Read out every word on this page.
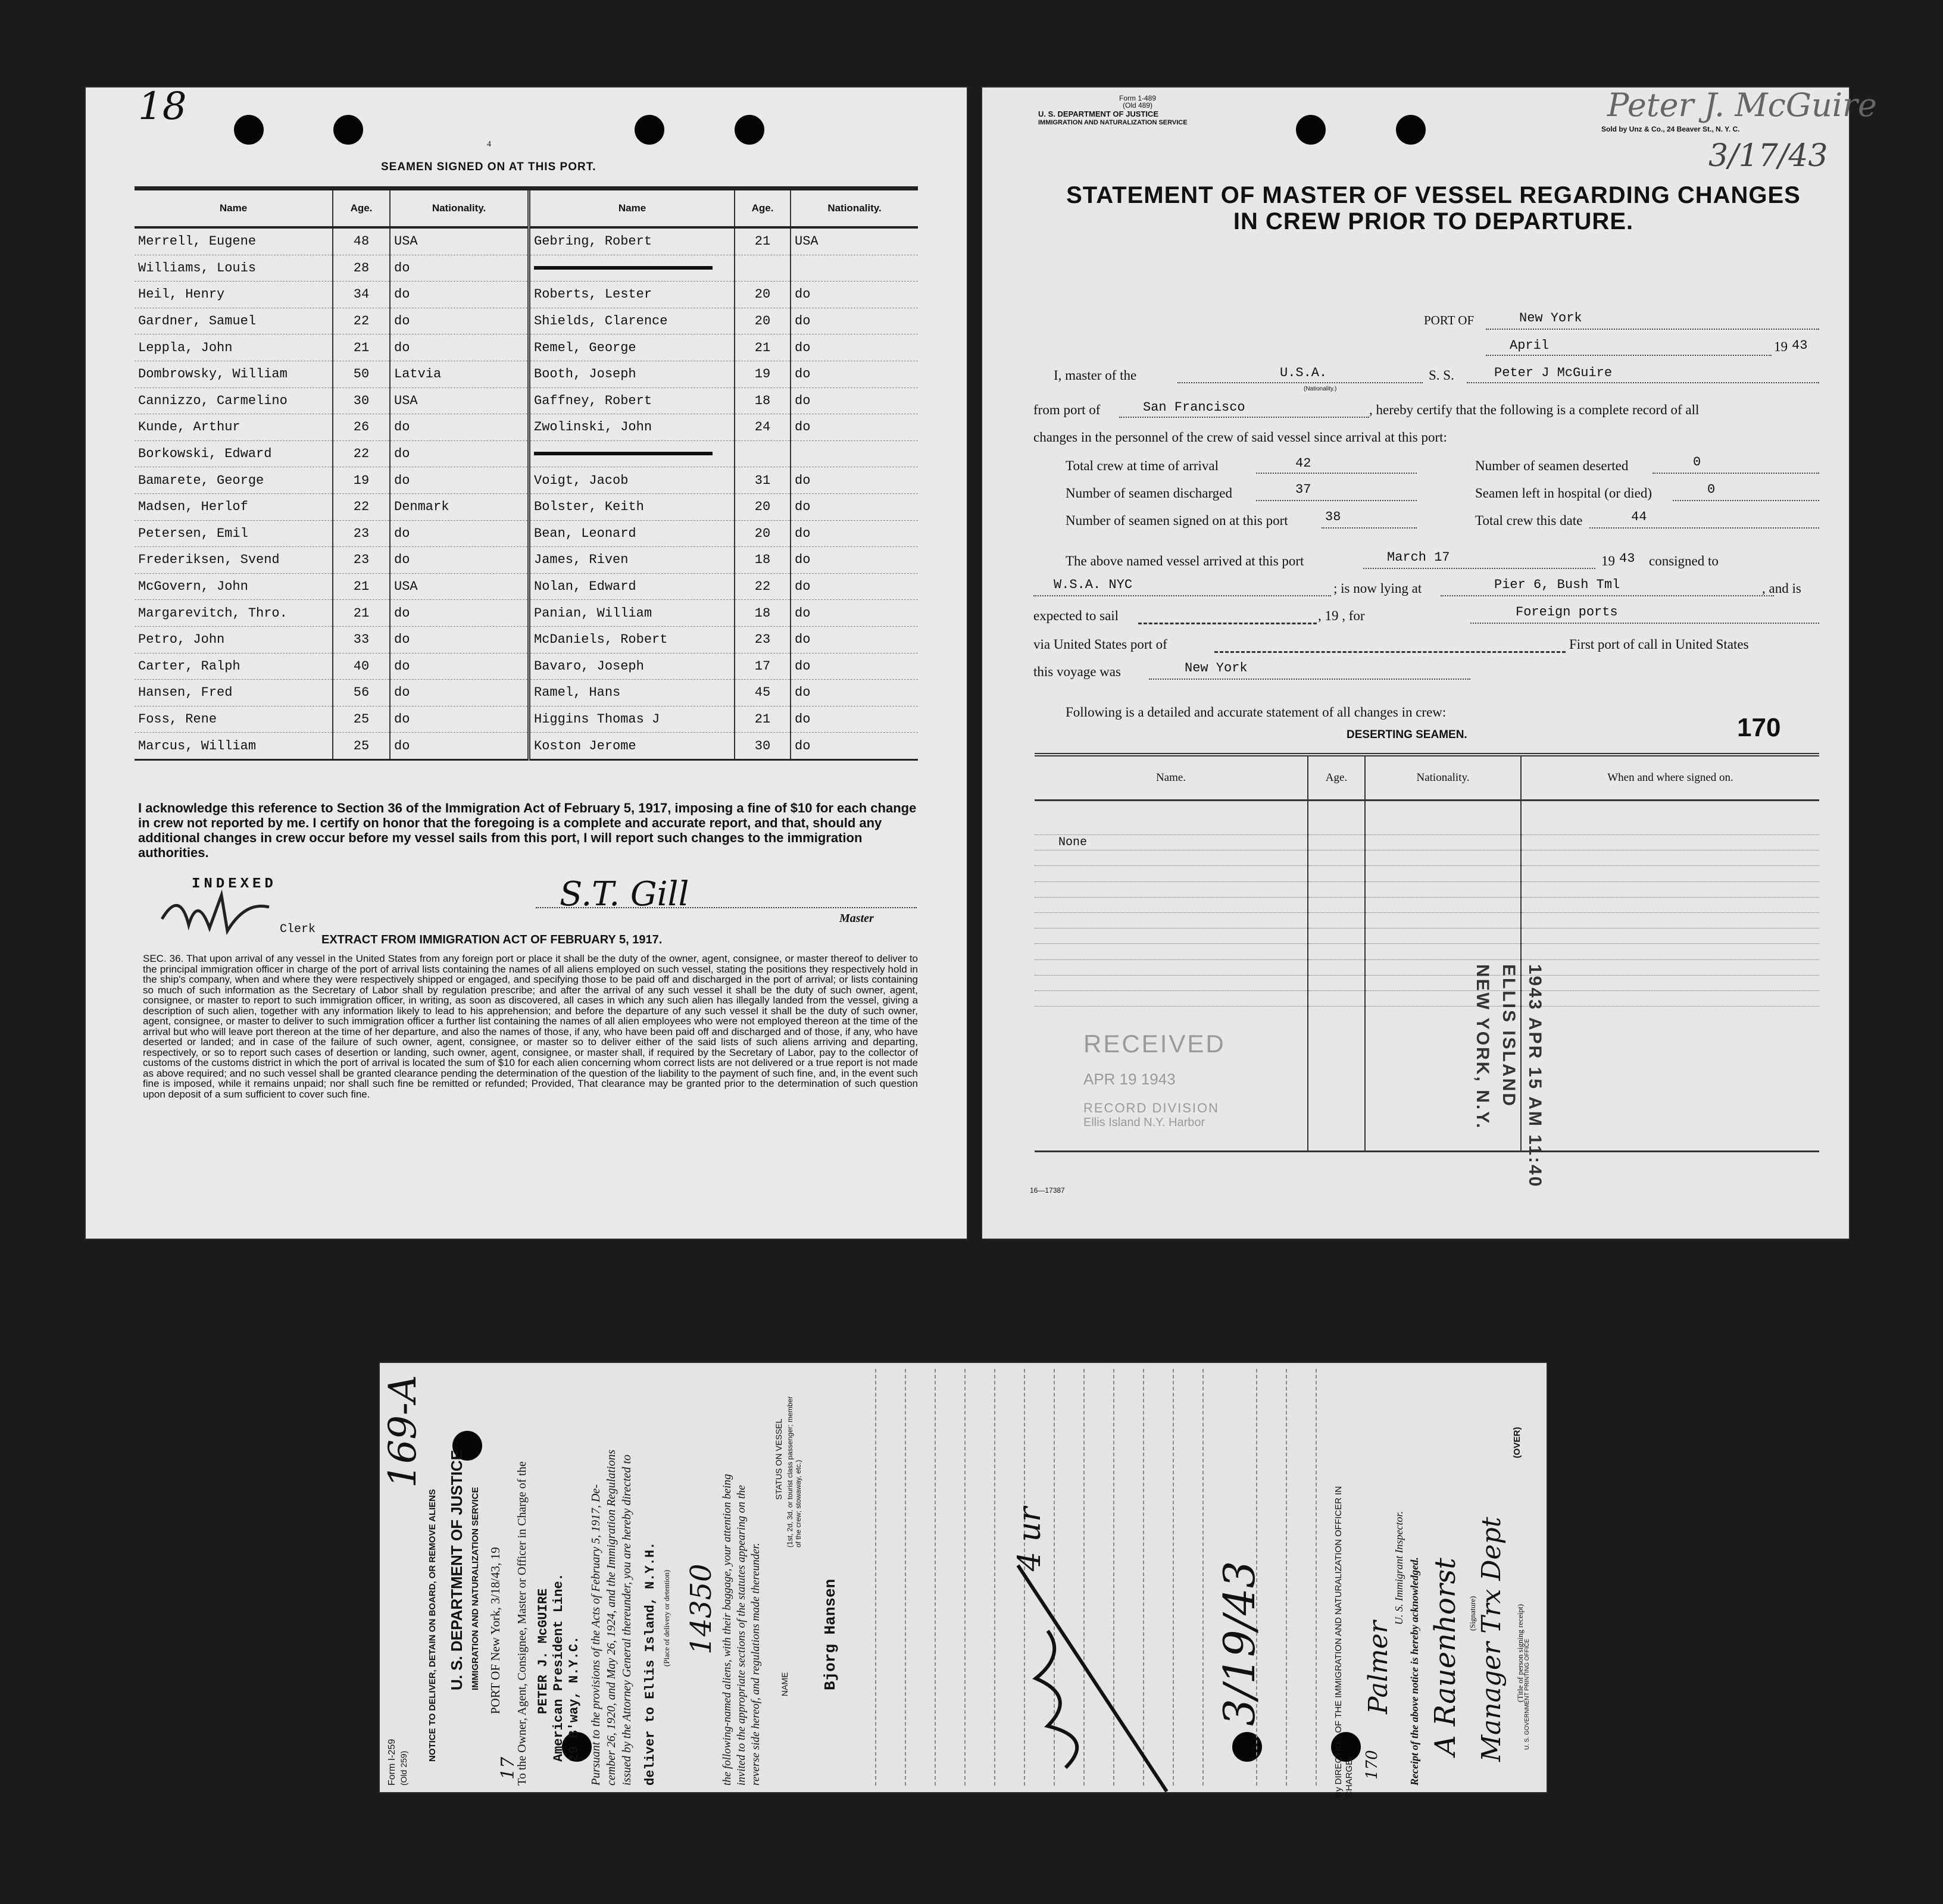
18
4
SEAMEN SIGNED ON AT THIS PORT.
Name	Age.	Nationality.	Name	Age.	Nationality.
Merrell, Eugene	48	USA	Gebring, Robert	21	USA
Williams, Louis	28	do			
Heil, Henry	34	do	Roberts, Lester	20	do
Gardner, Samuel	22	do	Shields, Clarence	20	do
Leppla, John	21	do	Remel, George	21	do
Dombrowsky, William	50	Latvia	Booth, Joseph	19	do
Cannizzo, Carmelino	30	USA	Gaffney, Robert	18	do
Kunde, Arthur	26	do	Zwolinski, John	24	do
Borkowski, Edward	22	do			
Bamarete, George	19	do	Voigt, Jacob	31	do
Madsen, Herlof	22	Denmark	Bolster, Keith	20	do
Petersen, Emil	23	do	Bean, Leonard	20	do
Frederiksen, Svend	23	do	James, Riven	18	do
McGovern, John	21	USA	Nolan, Edward	22	do
Margarevitch, Thro.	21	do	Panian, William	18	do
Petro, John	33	do	McDaniels, Robert	23	do
Carter, Ralph	40	do	Bavaro, Joseph	17	do
Hansen, Fred	56	do	Ramel, Hans	45	do
Foss, Rene	25	do	Higgins Thomas J	21	do
Marcus, William	25	do	Koston Jerome	30	do
I acknowledge this reference to Section 36 of the Immigration Act of February 5, 1917, imposing a fine of $10 for each change in crew not reported by me. I certify on honor that the foregoing is a complete and accurate report, and that, should any additional changes in crew occur before my vessel sails from this port, I will report such changes to the immigration authorities.
INDEXED
Clerk
S.T. Gill
Master
EXTRACT FROM IMMIGRATION ACT OF FEBRUARY 5, 1917.
SEC. 36. That upon arrival of any vessel in the United States from any foreign port or place it shall be the duty of the owner, agent, consignee, or master thereof to deliver to the principal immigration officer in charge of the port of arrival lists containing the names of all aliens employed on such vessel, stating the positions they respectively hold in the ship's company, when and where they were respectively shipped or engaged, and specifying those to be paid off and discharged in the port of arrival; or lists containing so much of such information as the Secretary of Labor shall by regulation prescribe; and after the arrival of any such vessel it shall be the duty of such owner, agent, consignee, or master to report to such immigration officer, in writing, as soon as discovered, all cases in which any such alien has illegally landed from the vessel, giving a description of such alien, together with any information likely to lead to his apprehension; and before the departure of any such vessel it shall be the duty of such owner, agent, consignee, or master to deliver to such immigration officer a further list containing the names of all alien employees who were not employed thereon at the time of the arrival but who will leave port thereon at the time of her departure, and also the names of those, if any, who have been paid off and discharged and of those, if any, who have deserted or landed; and in case of the failure of such owner, agent, consignee, or master so to deliver either of the said lists of such aliens arriving and departing, respectively, or so to report such cases of desertion or landing, such owner, agent, consignee, or master shall, if required by the Secretary of Labor, pay to the collector of customs of the customs district in which the port of arrival is located the sum of $10 for each alien concerning whom correct lists are not delivered or a true report is not made as above required; and no such vessel shall be granted clearance pending the determination of the question of the liability to the payment of such fine, and, in the event such fine is imposed, while it remains unpaid; nor shall such fine be remitted or refunded; Provided, That clearance may be granted prior to the determination of such question upon deposit of a sum sufficient to cover such fine.
Form 1-489
(Old 489)
U. S. DEPARTMENT OF JUSTICE
IMMIGRATION AND NATURALIZATION SERVICE
Sold by Unz & Co., 24 Beaver St., N. Y. C.
Peter J. McGuire
3/17/43
STATEMENT OF MASTER OF VESSEL REGARDING CHANGES
IN CREW PRIOR TO DEPARTURE.
PORT OF	New York
April	19 43
I, master of the	U.S.A.
(Nationality.)
S. S.	Peter J McGuire
from port of	San Francisco	, hereby certify that the following is a complete record of all
changes in the personnel of the crew of said vessel since arrival at this port:
Total crew at time of arrival	42	Number of seamen deserted	0
Number of seamen discharged	37	Seamen left in hospital (or died)	0
Number of seamen signed on at this port	38	Total crew this date	44
The above named vessel arrived at this port	March 17	19 43 consigned to
W.S.A. NYC	; is now lying at	Pier 6, Bush Tml	, and is
expected to sail	, 19 , for	Foreign ports
via United States port of	First port of call in United States
this voyage was	New York
Following is a detailed and accurate statement of all changes in crew:
170
DESERTING SEAMEN.
Name.	Age.	Nationality.	When and where signed on.

None			

1943 APR 15 AM 11:40
ELLIS ISLAND
NEW YORK, N.Y.
RECEIVED
APR 19 1943
RECORD DIVISION
Ellis Island N.Y. Harbor
16—17387
Form I-259 (Old 259)
169-A
NOTICE TO DELIVER, DETAIN ON BOARD, OR REMOVE ALIENS U. S. DEPARTMENT OF JUSTICE IMMIGRATION AND NATURALIZATION SERVICE PORT OF New York, 3/18/43, 19
17
To the Owner, Agent, Consignee, Master or Officer in Charge of the PETER J. McGUIRE American President Line. 29 B'way, N.Y.C. Pursuant to the provisions of the Acts of February 5, 1917, De- cember 26, 1920, and May 26, 1924, and the Immigration Regulations issued by the Attorney General thereunder, you are hereby directed to deliver to Ellis Island, N.Y.H. (Place of delivery or detention) 14350 the following-named aliens, with their baggage, your attention being invited to the appropriate sections of the statutes appearing on the reverse side hereof, and regulations made thereunder. NAME
STATUS ON VESSEL (1st, 2d, 3d, or tourist class passenger; member of the crew; stowaway, etc.)
Bjorg Hansen
4 ur
3/19/43	By DIRECTION OF THE IMMIGRATION AND NATURALIZATION OFFICER IN CHARGE.
Palmer
U. S. Immigrant Inspector.
170	Receipt of the above notice is hereby acknowledged. A Rauenhorst (Signature) Manager Trx Dept (Title of person signing receipt) U. S. GOVERNMENT PRINTING OFFICE
(OVER)
